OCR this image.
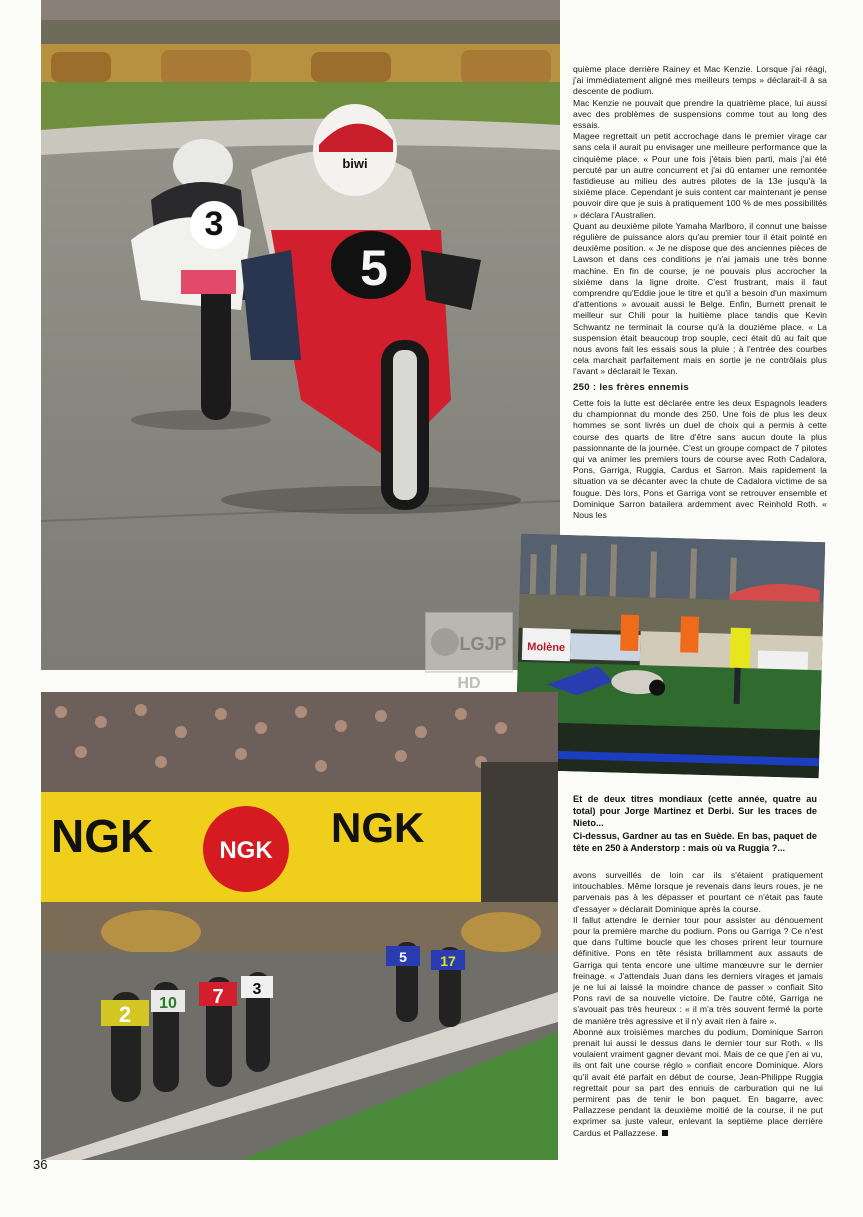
3
biwi
5

quième place derrière Rainey et Mac Kenzie. Lorsque j'ai réagi, j'ai immédiatement aligné mes meilleurs temps » déclarait-il à sa descente de podium.

Mac Kenzie ne pouvait que prendre la quatrième place, lui aussi avec des problèmes de suspensions comme tout au long des essais.

Magee regrettait un petit accrochage dans le premier virage car sans cela il aurait pu envisager une meilleure performance que la cinquième place. « Pour une fois j'étais bien parti, mais j'ai été percuté par un autre concurrent et j'ai dû entamer une remontée fastidieuse au milieu des autres pilotes de la 13e jusqu'à la sixième place. Cependant je suis content car maintenant je pense pouvoir dire que je suis à pratiquement 100 % de mes possibilités » déclara l'Australien.

Quant au deuxième pilote Yamaha Marlboro, il connut une baisse régulière de puissance alors qu'au premier tour il était pointé en deuxième position. « Je ne dispose que des anciennes pièces de Lawson et dans ces conditions je n'ai jamais une très bonne machine. En fin de course, je ne pouvais plus accrocher la sixième dans la ligne droite. C'est frustrant, mais il faut comprendre qu'Eddie joue le titre et qu'il a besoin d'un maximum d'attentions » avouait aussi le Belge. Enfin, Burnett prenait le meilleur sur Chili pour la huitième place tandis que Kevin Schwantz ne terminait la course qu'à la douzième place. « La suspension était beaucoup trop souple, ceci était dû au fait que nous avons fait les essais sous la pluie ; à l'entrée des courbes cela marchait parfaitement mais en sortie je ne contrôlais plus l'avant » déclarait le Texan.

250 : les frères ennemis

Cette fois la lutte est déclarée entre les deux Espagnols leaders du championnat du monde des 250. Une fois de plus les deux hommes se sont livrés un duel de choix qui a permis à cette course des quarts de litre d'être sans aucun doute la plus passionnante de la journée. C'est un groupe compact de 7 pilotes qui va animer les premiers tours de course avec Roth Cadalora, Pons, Garriga, Ruggia, Cardus et Sarron. Mais rapidement la situation va se décanter avec la chute de Cadalora victime de sa fougue. Dès lors, Pons et Garriga vont se retrouver ensemble et Dominique Sarron batailera ardemment avec Reinhold Roth. « Nous les

Molène
LGJP
HD
NGK	NGK NGK
2 10 7 3
5 17

Et de deux titres mondiaux (cette année, quatre au total) pour Jorge Martinez et Derbi. Sur les traces de Nieto...

Ci-dessus, Gardner au tas en Suède. En bas, paquet de tête en 250 à Anderstorp : mais où va Ruggia ?...

avons surveillés de loin car ils s'étaient pratiquement intouchables. Même lorsque je revenais dans leurs roues, je ne parvenais pas à les dépasser et pourtant ce n'était pas faute d'essayer » déclarait Dominique après la course.

Il fallut attendre le dernier tour pour assister au dénouement pour la première marche du podium. Pons ou Garriga ? Ce n'est que dans l'ultime boucle que les choses prirent leur tournure définitive. Pons en tête résista brillamment aux assauts de Garriga qui tenta encore une ultime manœuvre sur le dernier freinage. « J'attendais Juan dans les derniers virages et jamais je ne lui ai laissé la moindre chance de passer » confiait Sito Pons ravi de sa nouvelle victoire. De l'autre côté, Garriga ne s'avouait pas très heureux : « il m'a très souvent fermé la porte de manière très agressive et il n'y avait rien à faire ».

Abonné aux troisièmes marches du podium, Dominique Sarron prenait lui aussi le dessus dans le dernier tour sur Roth. « Ils voulaient vraiment gagner devant moi. Mais de ce que j'en ai vu, ils ont fait une course réglo » confiait encore Dominique. Alors qu'il avait été parfait en début de course, Jean-Philippe Ruggia regrettait pour sa part des ennuis de carburation qui ne lui permirent pas de tenir le bon paquet. En bagarre, avec Pallazzese pendant la deuxième moitié de la course, il ne put exprimer sa juste valeur, enlevant la septième place derrière Cardus et Pallazzese.

36
